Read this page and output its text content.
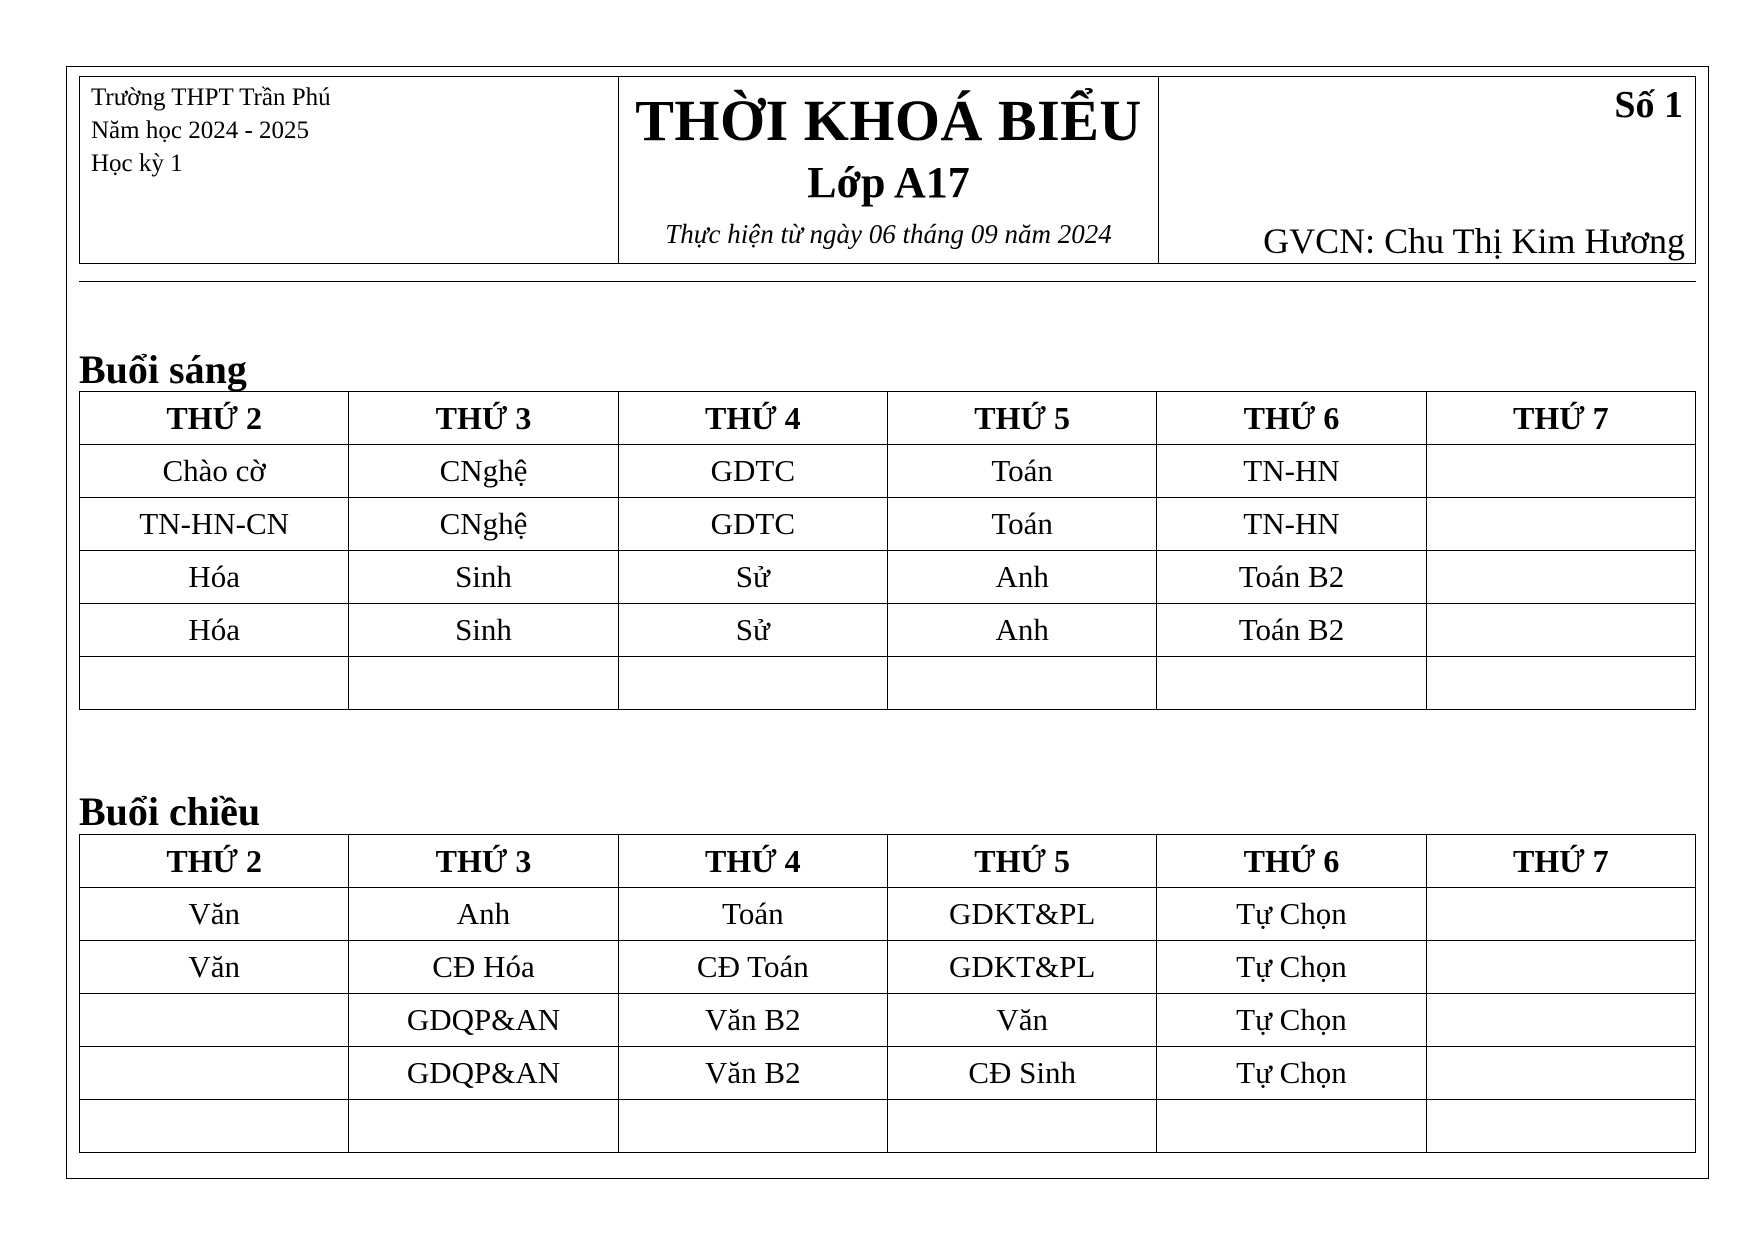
Trường THPT Trần Phú
Năm học 2024 - 2025
Học kỳ 1
THỜI KHOÁ BIỂU
Lớp A17
Thực hiện từ ngày 06 tháng 09 năm 2024
Số 1
GVCN: Chu Thị Kim Hương
Buổi sáng
THỨ 2	THỨ 3	THỨ 4	THỨ 5	THỨ 6	THỨ 7
Chào cờ	CNghệ	GDTC	Toán	TN-HN	
TN-HN-CN	CNghệ	GDTC	Toán	TN-HN	
Hóa	Sinh	Sử	Anh	Toán B2	
Hóa	Sinh	Sử	Anh	Toán B2	

Buổi chiều
THỨ 2	THỨ 3	THỨ 4	THỨ 5	THỨ 6	THỨ 7
Văn	Anh	Toán	GDKT&PL	Tự Chọn	
Văn	CĐ Hóa	CĐ Toán	GDKT&PL	Tự Chọn	
	GDQP&AN	Văn B2	Văn	Tự Chọn	
	GDQP&AN	Văn B2	CĐ Sinh	Tự Chọn	
